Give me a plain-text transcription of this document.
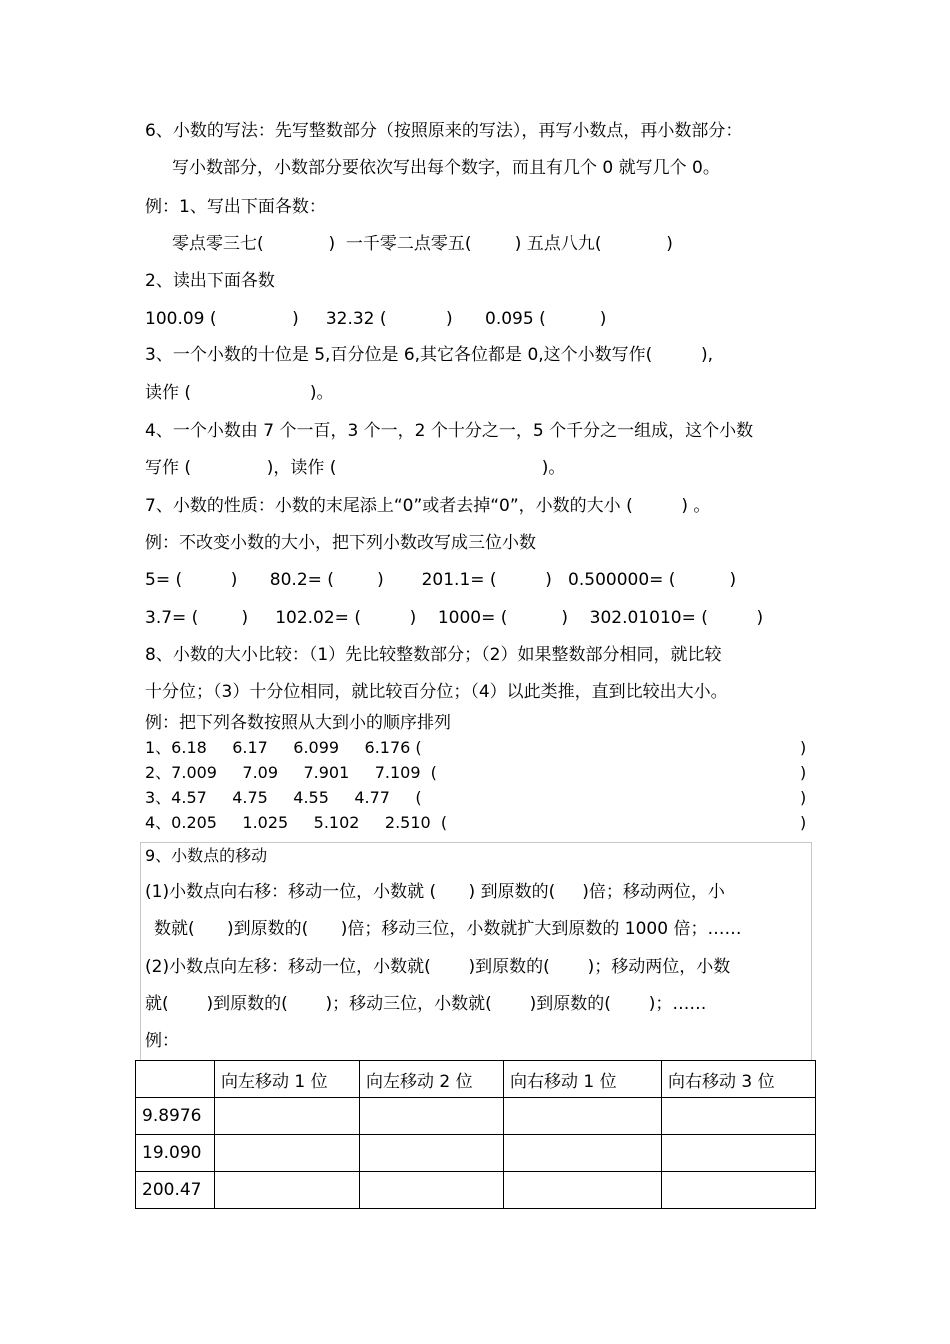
6、小数的写法：先写整数部分（按照原来的写法），再写小数点，再小数部分：
写小数部分，小数部分要依次写出每个数字，而且有几个 0 就写几个 0。
例：1、写出下面各数：
零点零三七(            )  一千零二点零五(        ) 五点八九(            )
2、读出下面各数
100.09 (              )     32.32 (           )      0.095 (          )
3、一个小数的十位是 5,百分位是 6,其它各位都是 0,这个小数写作(         ),
读作 (                      )。
4、一个小数由 7 个一百，3 个一，2 个十分之一，5 个千分之一组成，这个小数
写作 (              )，读作 (                                      )。
7、小数的性质：小数的末尾添上“0”或者去掉“0”，小数的大小 (         ) 。
例：不改变小数的大小，把下列小数改写成三位小数
5= (         )      80.2= (        )       201.1= (         )   0.500000= (          )
3.7= (        )     102.02= (         )    1000= (          )    302.01010= (         )
8、小数的大小比较：（1）先比较整数部分；（2）如果整数部分相同，就比较
十分位；（3）十分位相同，就比较百分位；（4）以此类推，直到比较出大小。
例：把下列各数按照从大到小的顺序排列
1、6.18     6.17     6.099     6.176 (	)
2、7.009     7.09     7.901     7.109  (	)
3、4.57     4.75     4.55     4.77     (	)
4、0.205     1.025     5.102     2.510  (	)
9、小数点的移动
(1)小数点向右移：移动一位，小数就 (      ) 到原数的(     )倍；移动两位，小
数就(      )到原数的(      )倍；移动三位，小数就扩大到原数的 1000 倍；……
(2)小数点向左移：移动一位，小数就(       )到原数的(       )；移动两位，小数
就(       )到原数的(       )；移动三位，小数就(       )到原数的(       )；……
例：
	向左移动 1 位	向左移动 2 位	向右移动 1 位	向右移动 3 位
9.8976				
19.090				
200.47				
